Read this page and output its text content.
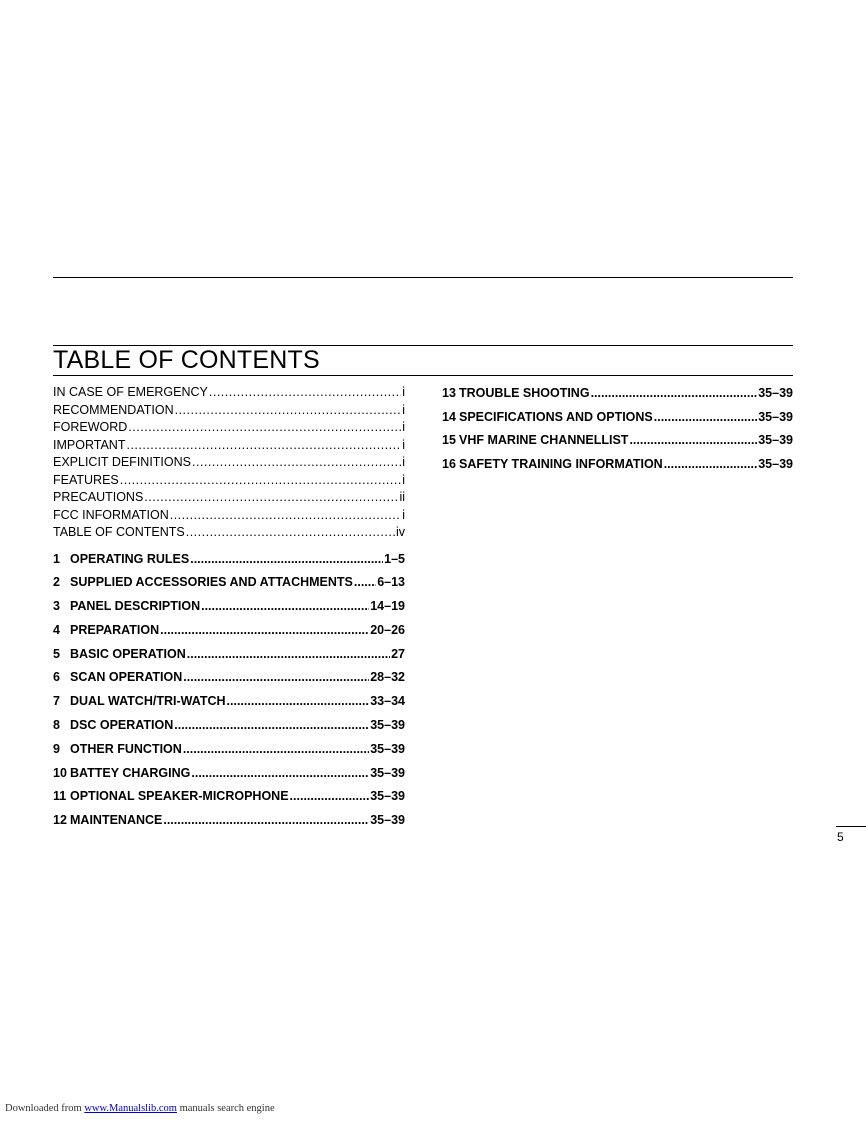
TABLE OF CONTENTS
IN CASE OF EMERGENCY .....	i
RECOMMENDATION .....	i
FOREWORD .....	i
IMPORTANT .....	i
EXPLICIT DEFINITIONS .....	i
FEATURES .....	i
PRECAUTIONS .....	ii
FCC INFORMATION .....	i
TABLE OF CONTENTS .....	iv
1 OPERATING RULES .....	1–5
2 SUPPLIED ACCESSORIES AND ATTACHMENTS ..... 6–13
3 PANEL DESCRIPTION .....	14–19
4 PREPARATION .....	20–26
5 BASIC OPERATION .....	27
6 SCAN OPERATION .....	28–32
7 DUAL WATCH/TRI-WATCH .....	33–34
8 DSC OPERATION .....	35–39
9 OTHER FUNCTION .....	35–39
10 BATTEY CHARGING .....	35–39
11 OPTIONAL SPEAKER-MICROPHONE .....	35–39
12 MAINTENANCE .....	35–39
13 TROUBLE SHOOTING .....	35–39
14 SPECIFICATIONS AND OPTIONS .....	35–39
15 VHF MARINE CHANNELLIST .....	35–39
16 SAFETY TRAINING INFORMATION .....	35–39
5
Downloaded from www.Manualslib.com manuals search engine
